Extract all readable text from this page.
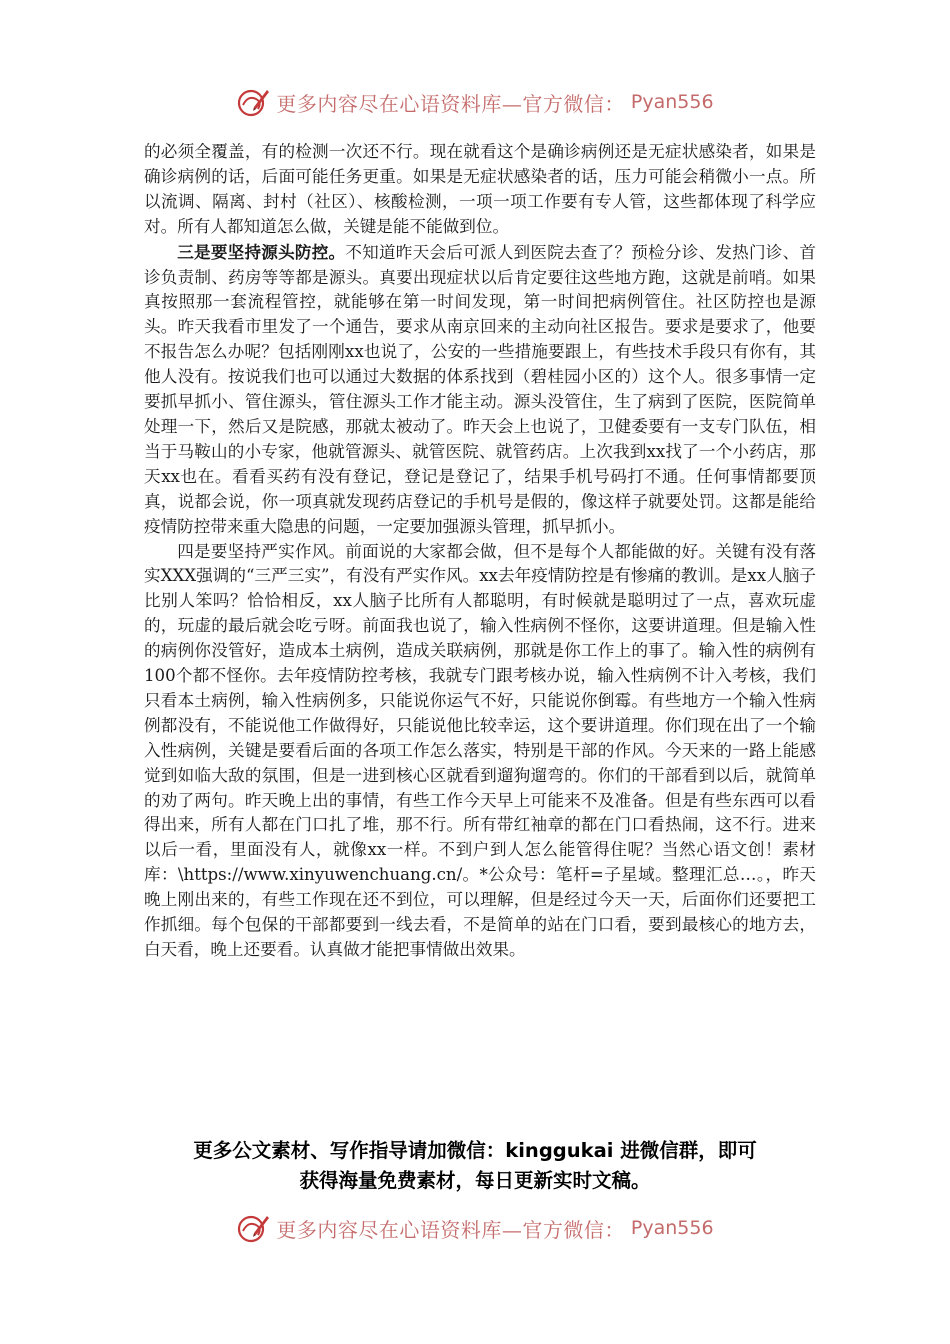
更多内容尽在心语资料库—官方微信： Pyan556

的必须全覆盖，有的检测一次还不行。现在就看这个是确诊病例还是无症状感染者，如果是确诊病例的话，后面可能任务更重。如果是无症状感染者的话，压力可能会稍微小一点。所以流调、隔离、封村（社区）、核酸检测，一项一项工作要有专人管，这些都体现了科学应对。所有人都知道怎么做，关键是能不能做到位。

三是要坚持源头防控。不知道昨天会后可派人到医院去查了？预检分诊、发热门诊、首诊负责制、药房等等都是源头。真要出现症状以后肯定要往这些地方跑，这就是前哨。如果真按照那一套流程管控，就能够在第一时间发现，第一时间把病例管住。社区防控也是源头。昨天我看市里发了一个通告，要求从南京回来的主动向社区报告。要求是要求了，他要不报告怎么办呢？包括刚刚xx也说了，公安的一些措施要跟上，有些技术手段只有你有，其他人没有。按说我们也可以通过大数据的体系找到（碧桂园小区的）这个人。很多事情一定要抓早抓小、管住源头，管住源头工作才能主动。源头没管住，生了病到了医院，医院简单处理一下，然后又是院感，那就太被动了。昨天会上也说了，卫健委要有一支专门队伍，相当于马鞍山的小专家，他就管源头、就管医院、就管药店。上次我到xx找了一个小药店，那天xx也在。看看买药有没有登记，登记是登记了，结果手机号码打不通。任何事情都要顶真，说都会说，你一项真就发现药店登记的手机号是假的，像这样子就要处罚。这都是能给疫情防控带来重大隐患的问题，一定要加强源头管理，抓早抓小。

四是要坚持严实作风。前面说的大家都会做，但不是每个人都能做的好。关键有没有落实XXX强调的“三严三实”，有没有严实作风。xx去年疫情防控是有惨痛的教训。是xx人脑子比别人笨吗？恰恰相反，xx人脑子比所有人都聪明，有时候就是聪明过了一点，喜欢玩虚的，玩虚的最后就会吃亏呀。前面我也说了，输入性病例不怪你，这要讲道理。但是输入性的病例你没管好，造成本土病例，造成关联病例，那就是你工作上的事了。输入性的病例有100个都不怪你。去年疫情防控考核，我就专门跟考核办说，输入性病例不计入考核，我们只看本土病例，输入性病例多，只能说你运气不好，只能说你倒霉。有些地方一个输入性病例都没有，不能说他工作做得好，只能说他比较幸运，这个要讲道理。你们现在出了一个输入性病例，关键是要看后面的各项工作怎么落实，特别是干部的作风。今天来的一路上能感觉到如临大敌的氛围，但是一进到核心区就看到遛狗遛弯的。你们的干部看到以后，就简单的劝了两句。昨天晚上出的事情，有些工作今天早上可能来不及准备。但是有些东西可以看得出来，所有人都在门口扎了堆，那不行。所有带红袖章的都在门口看热闹，这不行。进来以后一看，里面没有人，就像xx一样。不到户到人怎么能管得住呢？当然心语文创！素材库：\https://www.xinyuwenchuang.cn/。*公众号：笔杆=子星域。整理汇总…。，昨天晚上刚出来的，有些工作现在还不到位，可以理解，但是经过今天一天，后面你们还要把工作抓细。每个包保的干部都要到一线去看，不是简单的站在门口看，要到最核心的地方去，白天看，晚上还要看。认真做才能把事情做出效果。

更多公文素材、写作指导请加微信：kinggukai 进微信群，即可
获得海量免费素材，每日更新实时文稿。
更多内容尽在心语资料库—官方微信： Pyan556
